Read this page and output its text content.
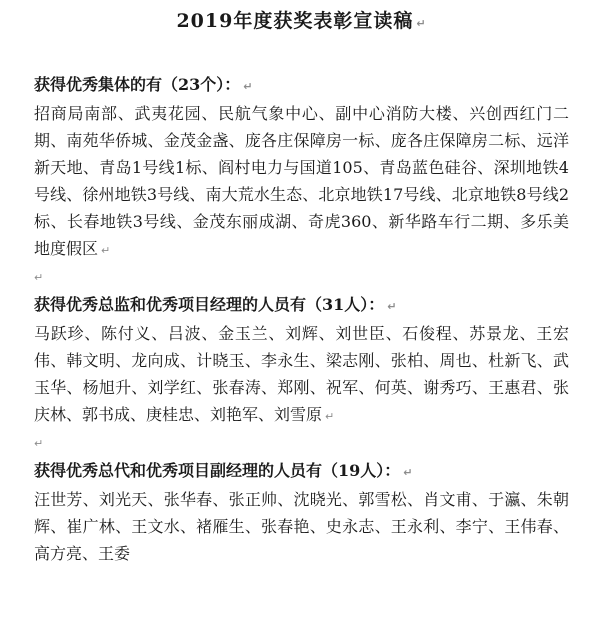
2019年度获奖表彰宣读稿 ↵

获得优秀集体的有（23个）： ↵

招商局南部、武夷花园、民航气象中心、副中心消防大楼、兴创西红门二期、南苑华侨城、金茂金盏、庞各庄保障房一标、庞各庄保障房二标、远洋新天地、青岛1号线1标、阎村电力与国道105、青岛蓝色硅谷、深圳地铁4号线、徐州地铁3号线、南大荒水生态、北京地铁17号线、北京地铁8号线2标、长春地铁3号线、金茂东丽成湖、奇虎360、新华路车行二期、多乐美地度假区 ↵

↵

获得优秀总监和优秀项目经理的人员有（31人）： ↵

马跃珍、陈付义、吕波、金玉兰、刘辉、刘世臣、石俊程、苏景龙、王宏伟、韩文明、龙向成、计晓玉、李永生、梁志刚、张柏、周也、杜新飞、武玉华、杨旭升、刘学红、张春涛、郑刚、祝军、何英、谢秀巧、王惠君、张庆林、郭书成、庚桂忠、刘艳军、刘雪原 ↵

↵

获得优秀总代和优秀项目副经理的人员有（19人）： ↵

汪世芳、刘光天、张华春、张正帅、沈晓光、郭雪松、肖文甫、于瀛、朱朝辉、崔广林、王文水、褚雁生、张春艳、史永志、王永利、李宁、王伟春、高方亮、王委
